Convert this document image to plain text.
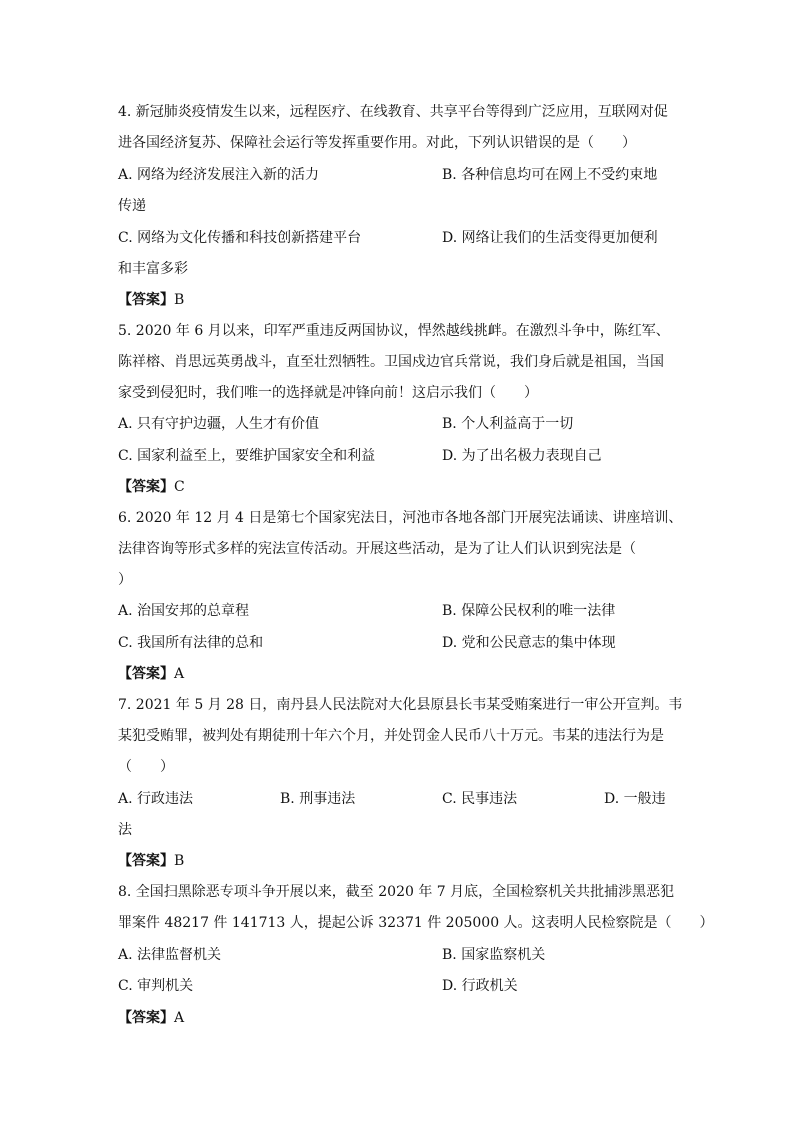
4. 新冠肺炎疫情发生以来，远程医疗、在线教育、共享平台等得到广泛应用，互联网对促
进各国经济复苏、保障社会运行等发挥重要作用。对此，下列认识错误的是（　　）
A. 网络为经济发展注入新的活力	B. 各种信息均可在网上不受约束地
传递
C. 网络为文化传播和科技创新搭建平台	D. 网络让我们的生活变得更加便利
和丰富多彩
【答案】B
5. 2020 年 6 月以来，印军严重违反两国协议，悍然越线挑衅。在激烈斗争中，陈红军、
陈祥榕、肖思远英勇战斗，直至壮烈牺牲。卫国戍边官兵常说，我们身后就是祖国，当国
家受到侵犯时，我们唯一的选择就是冲锋向前！这启示我们（　　）
A. 只有守护边疆，人生才有价值	B. 个人利益高于一切
C. 国家利益至上，要维护国家安全和利益	D. 为了出名极力表现自己
【答案】C
6. 2020 年 12 月 4 日是第七个国家宪法日，河池市各地各部门开展宪法诵读、讲座培训、
法律咨询等形式多样的宪法宣传活动。开展这些活动，是为了让人们认识到宪法是（
）
A. 治国安邦的总章程	B. 保障公民权利的唯一法律
C. 我国所有法律的总和	D. 党和公民意志的集中体现
【答案】A
7. 2021 年 5 月 28 日，南丹县人民法院对大化县原县长韦某受贿案进行一审公开宣判。韦
某犯受贿罪，被判处有期徒刑十年六个月，并处罚金人民币八十万元。韦某的违法行为是
（　　）
A. 行政违法	B. 刑事违法	C. 民事违法	D. 一般违
法
【答案】B
8. 全国扫黑除恶专项斗争开展以来，截至 2020 年 7 月底，全国检察机关共批捕涉黑恶犯
罪案件 48217 件 141713 人，提起公诉 32371 件 205000 人。这表明人民检察院是（　　）
A. 法律监督机关	B. 国家监察机关
C. 审判机关	D. 行政机关
【答案】A
